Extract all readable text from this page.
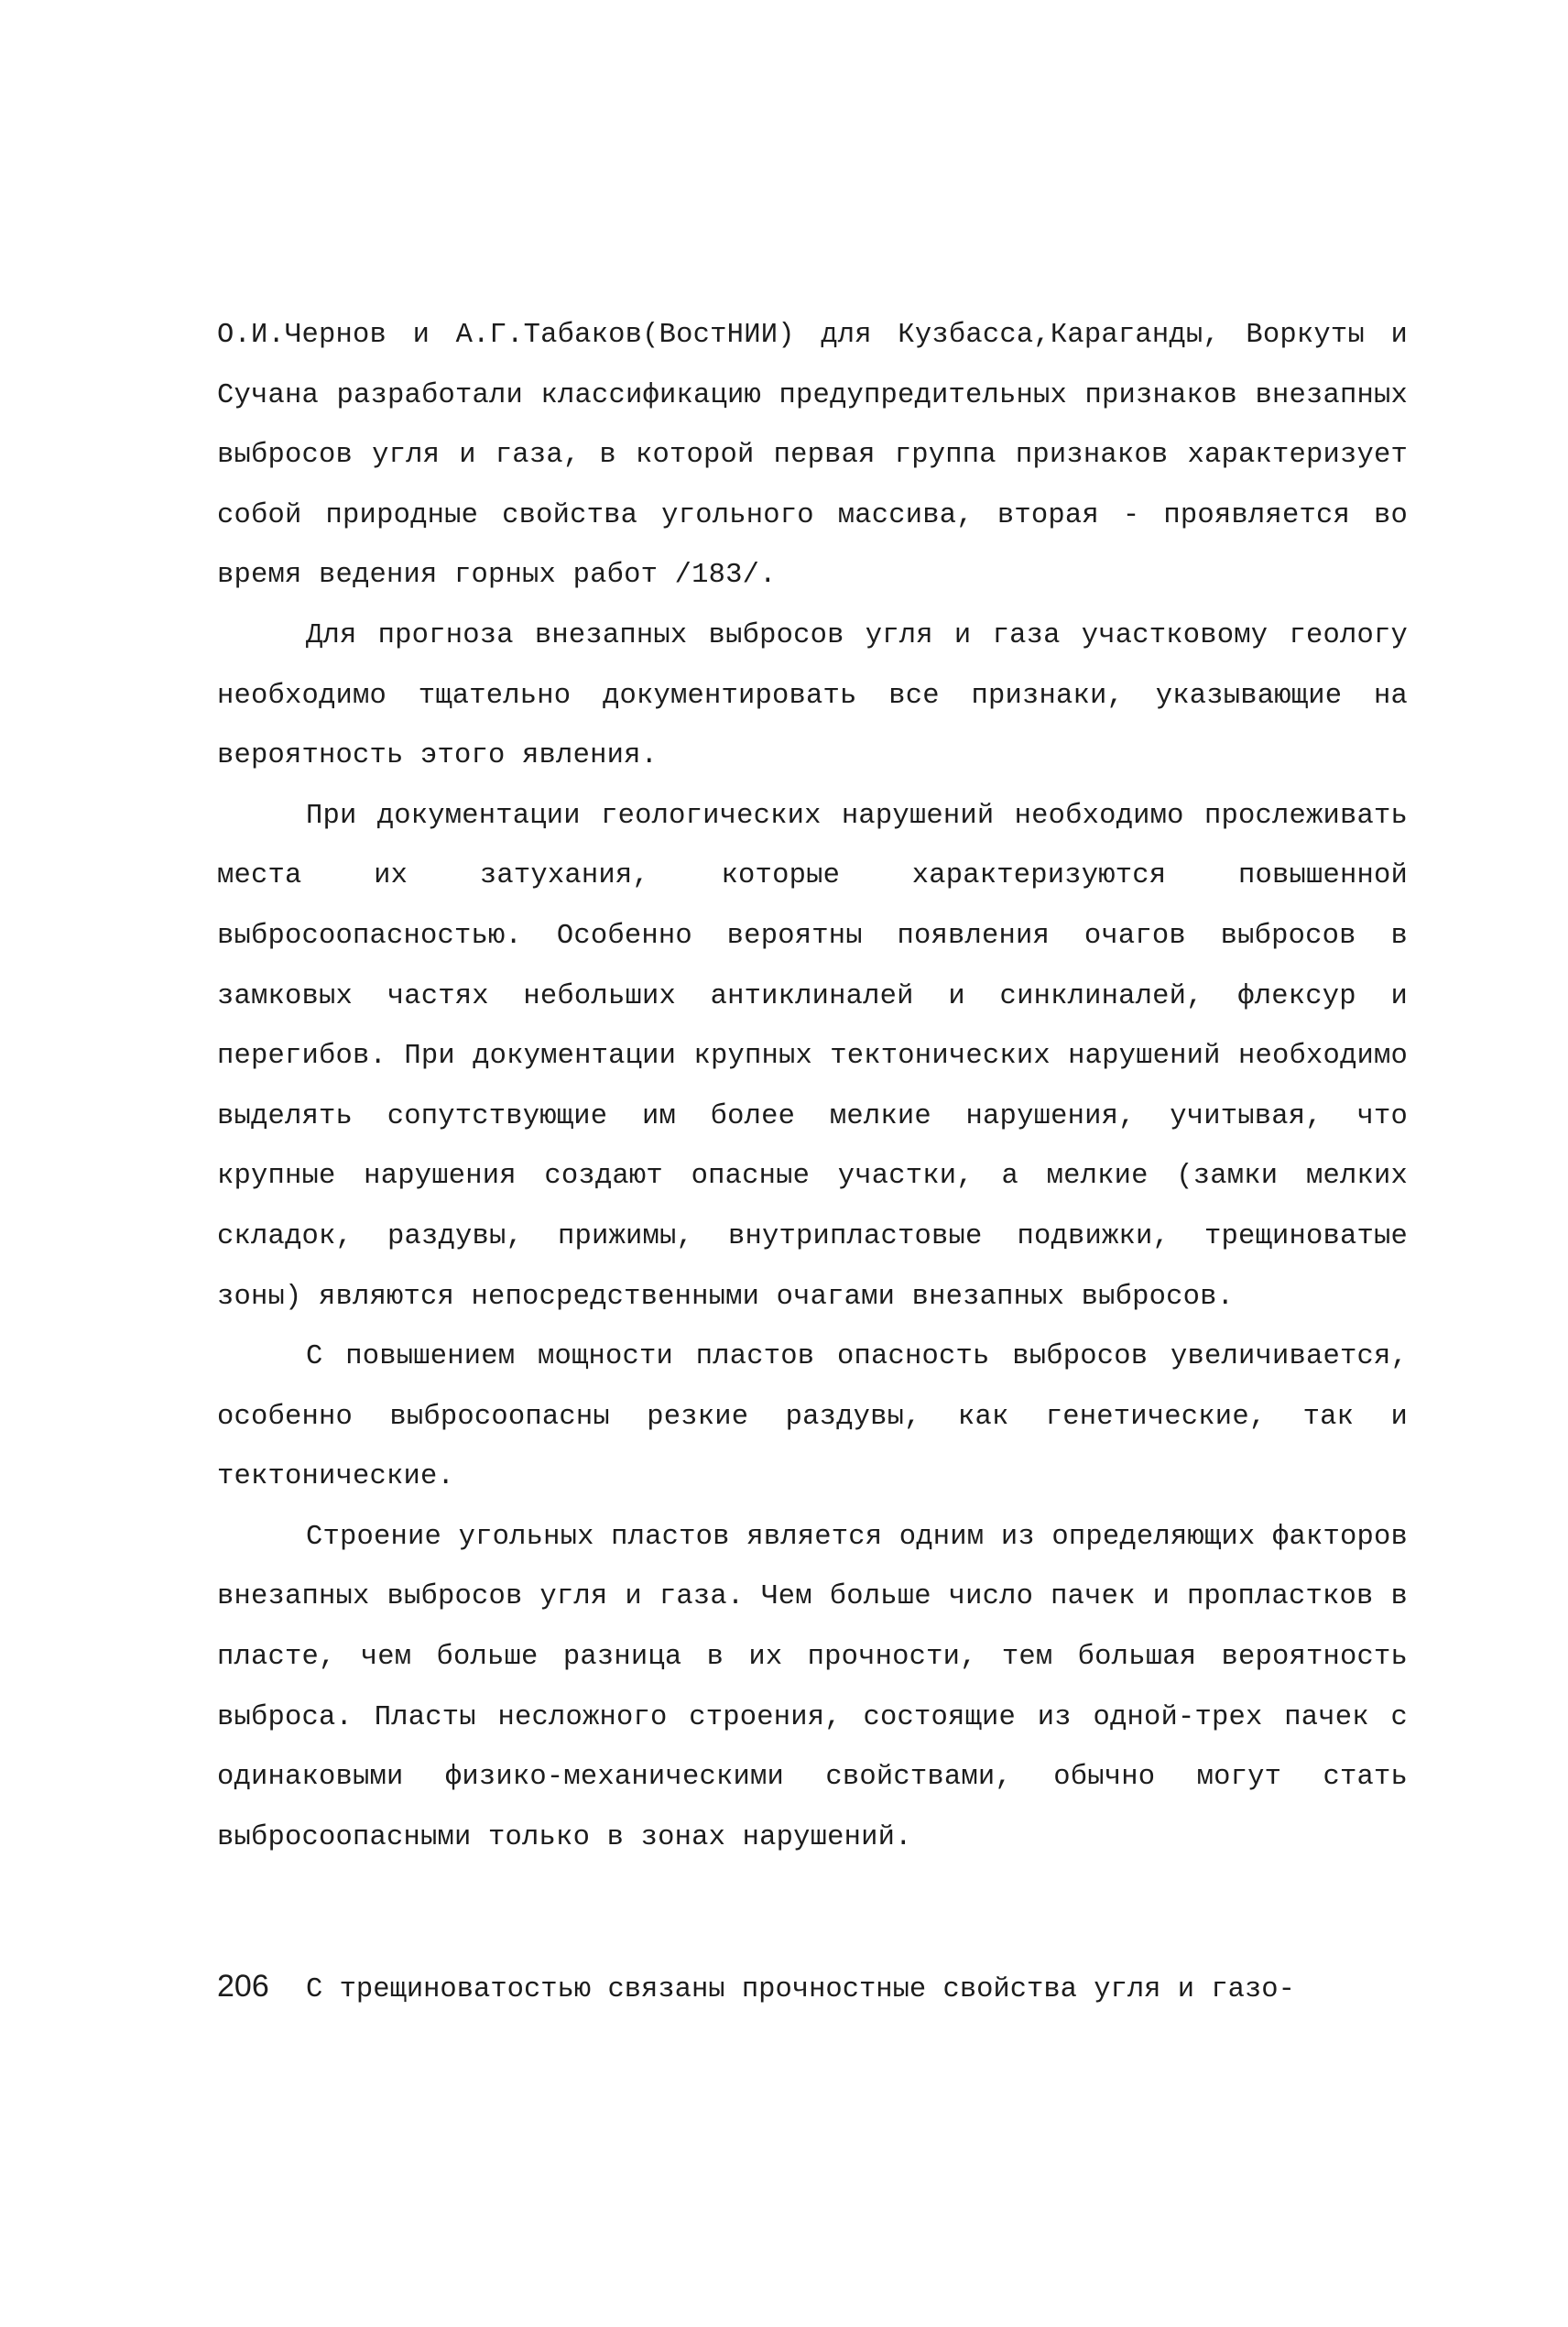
О.И.Чернов и А.Г.Табаков(ВостНИИ) для Кузбасса,Караганды, Воркуты и Сучана разработали классификацию предупредительных признаков внезапных выбросов угля и газа, в которой первая группа признаков характеризует собой природные свойства угольного массива, вторая - проявляется во время ведения горных работ /183/.

Для прогноза внезапных выбросов угля и газа участковому геологу необходимо тщательно документировать все признаки, указывающие на вероятность этого явления.

При документации геологических нарушений необходимо прослеживать места их затухания, которые характеризуются повышенной выбросоопасностью. Особенно вероятны появления очагов выбросов в замковых частях небольших антиклиналей и синклиналей, флексур и перегибов. При документации крупных тектонических нарушений необходимо выделять сопутствующие им более мелкие нарушения, учитывая, что крупные нарушения создают опасные участки, а мелкие (замки мелких складок, раздувы, прижимы, внутрипластовые подвижки, трещиноватые зоны) являются непосредственными очагами внезапных выбросов.

С повышением мощности пластов опасность выбросов увеличивается, особенно выбросоопасны резкие раздувы, как генетические, так и тектонические.

Строение угольных пластов является одним из определяющих факторов внезапных выбросов угля и газа. Чем больше число пачек и пропластков в пласте, чем больше разница в их прочности, тем большая вероятность выброса. Пласты несложного строения, состоящие из одной-трех пачек с одинаковыми физико-механическими свойствами, обычно могут стать выбросоопасными только в зонах нарушений.

206 С трещиноватостью связаны прочностные свойства угля и газо-
